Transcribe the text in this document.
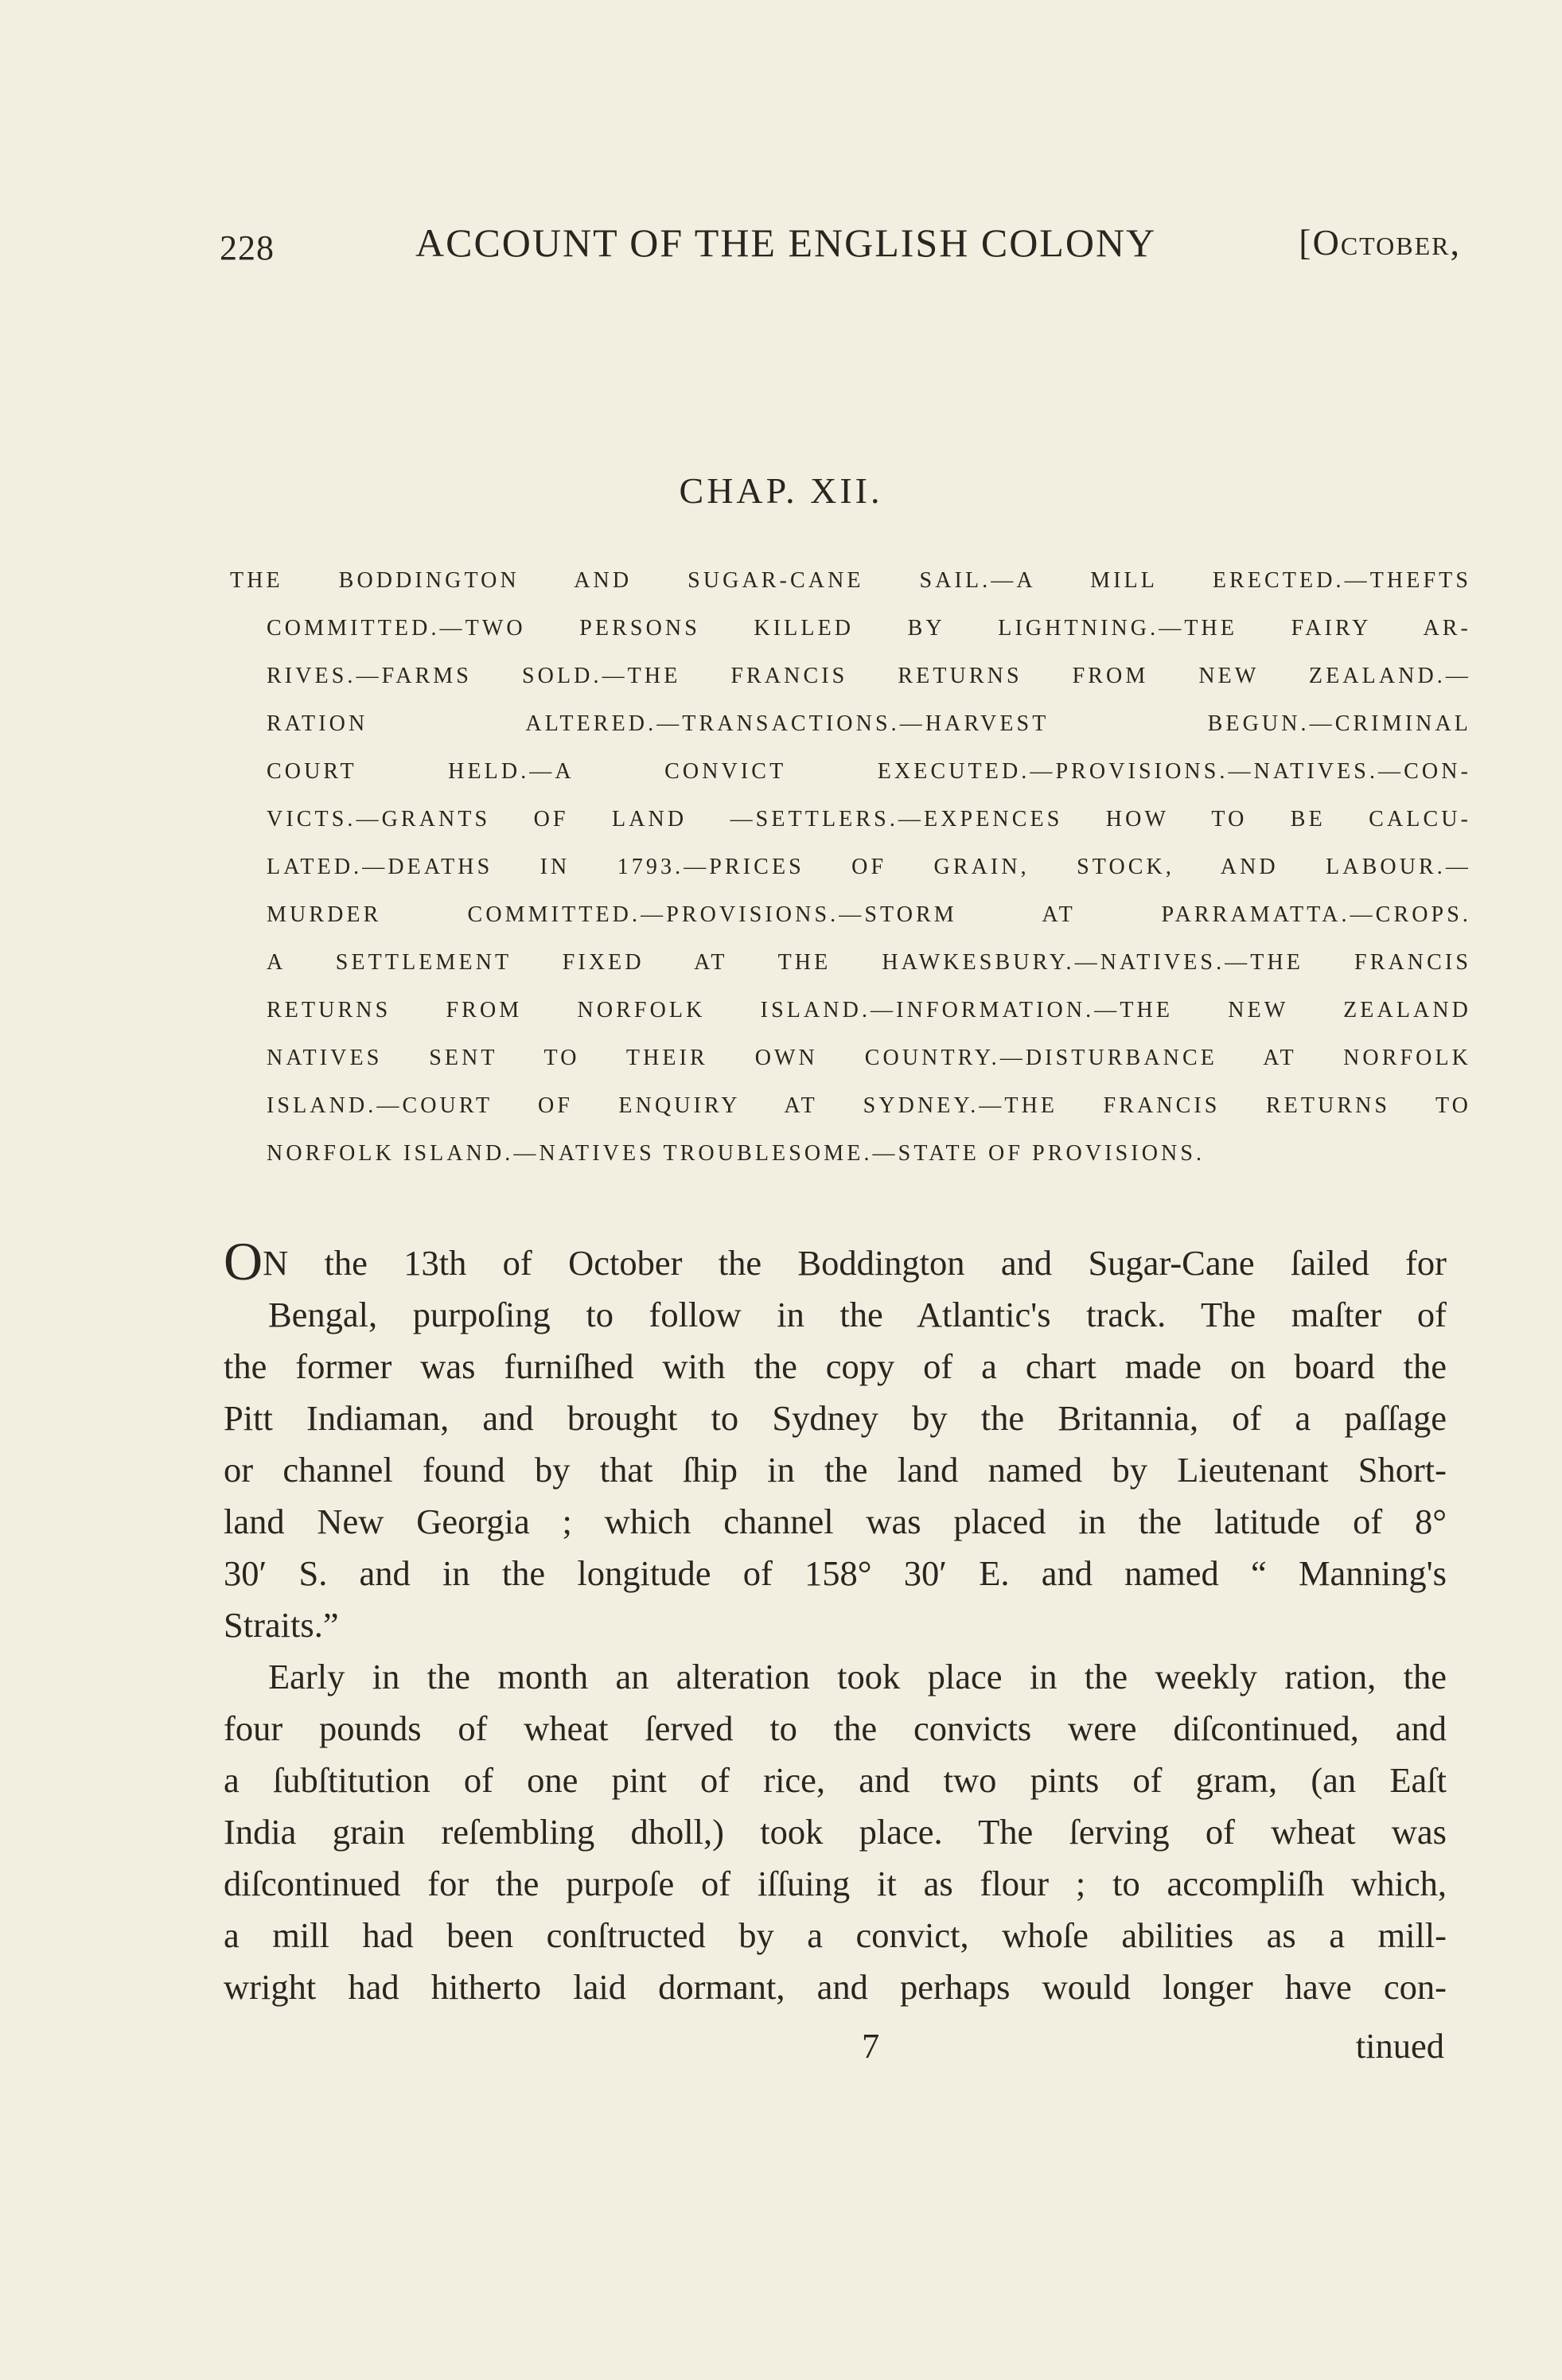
228	ACCOUNT OF THE ENGLISH COLONY	[October,
CHAP. XII.
THE BODDINGTON AND SUGAR-CANE SAIL.—A MILL ERECTED.—THEFTS
COMMITTED.—TWO PERSONS KILLED BY LIGHTNING.—THE FAIRY AR-
RIVES.—FARMS SOLD.—THE FRANCIS RETURNS FROM NEW ZEALAND.—
RATION ALTERED.—TRANSACTIONS.—HARVEST BEGUN.—CRIMINAL
COURT HELD.—A CONVICT EXECUTED.—PROVISIONS.—NATIVES.—CON-
VICTS.—GRANTS OF LAND —SETTLERS.—EXPENCES HOW TO BE CALCU-
LATED.—DEATHS IN 1793.—PRICES OF GRAIN, STOCK, AND LABOUR.—
MURDER COMMITTED.—PROVISIONS.—STORM AT PARRAMATTA.—CROPS.
A SETTLEMENT FIXED AT THE HAWKESBURY.—NATIVES.—THE FRANCIS
RETURNS FROM NORFOLK ISLAND.—INFORMATION.—THE NEW ZEALAND
NATIVES SENT TO THEIR OWN COUNTRY.—DISTURBANCE AT NORFOLK
ISLAND.—COURT OF ENQUIRY AT SYDNEY.—THE FRANCIS RETURNS TO
NORFOLK ISLAND.—NATIVES TROUBLESOME.—STATE OF PROVISIONS.
ON the 13th of October the Boddington and Sugar-Cane ſailed for
Bengal, purpoſing to follow in the Atlantic's track. The maſter of
the former was furniſhed with the copy of a chart made on board the
Pitt Indiaman, and brought to Sydney by the Britannia, of a paſſage
or channel found by that ſhip in the land named by Lieutenant Short-
land New Georgia ; which channel was placed in the latitude of 8°
30′ S. and in the longitude of 158° 30′ E. and named “ Manning's
Straits.”
Early in the month an alteration took place in the weekly ration, the
four pounds of wheat ſerved to the convicts were diſcontinued, and
a ſubſtitution of one pint of rice, and two pints of gram, (an Eaſt
India grain reſembling dholl,) took place. The ſerving of wheat was
diſcontinued for the purpoſe of iſſuing it as flour ; to accompliſh which,
a mill had been conſtructed by a convict, whoſe abilities as a mill-
wright had hitherto laid dormant, and perhaps would longer have con-
7	tinued
